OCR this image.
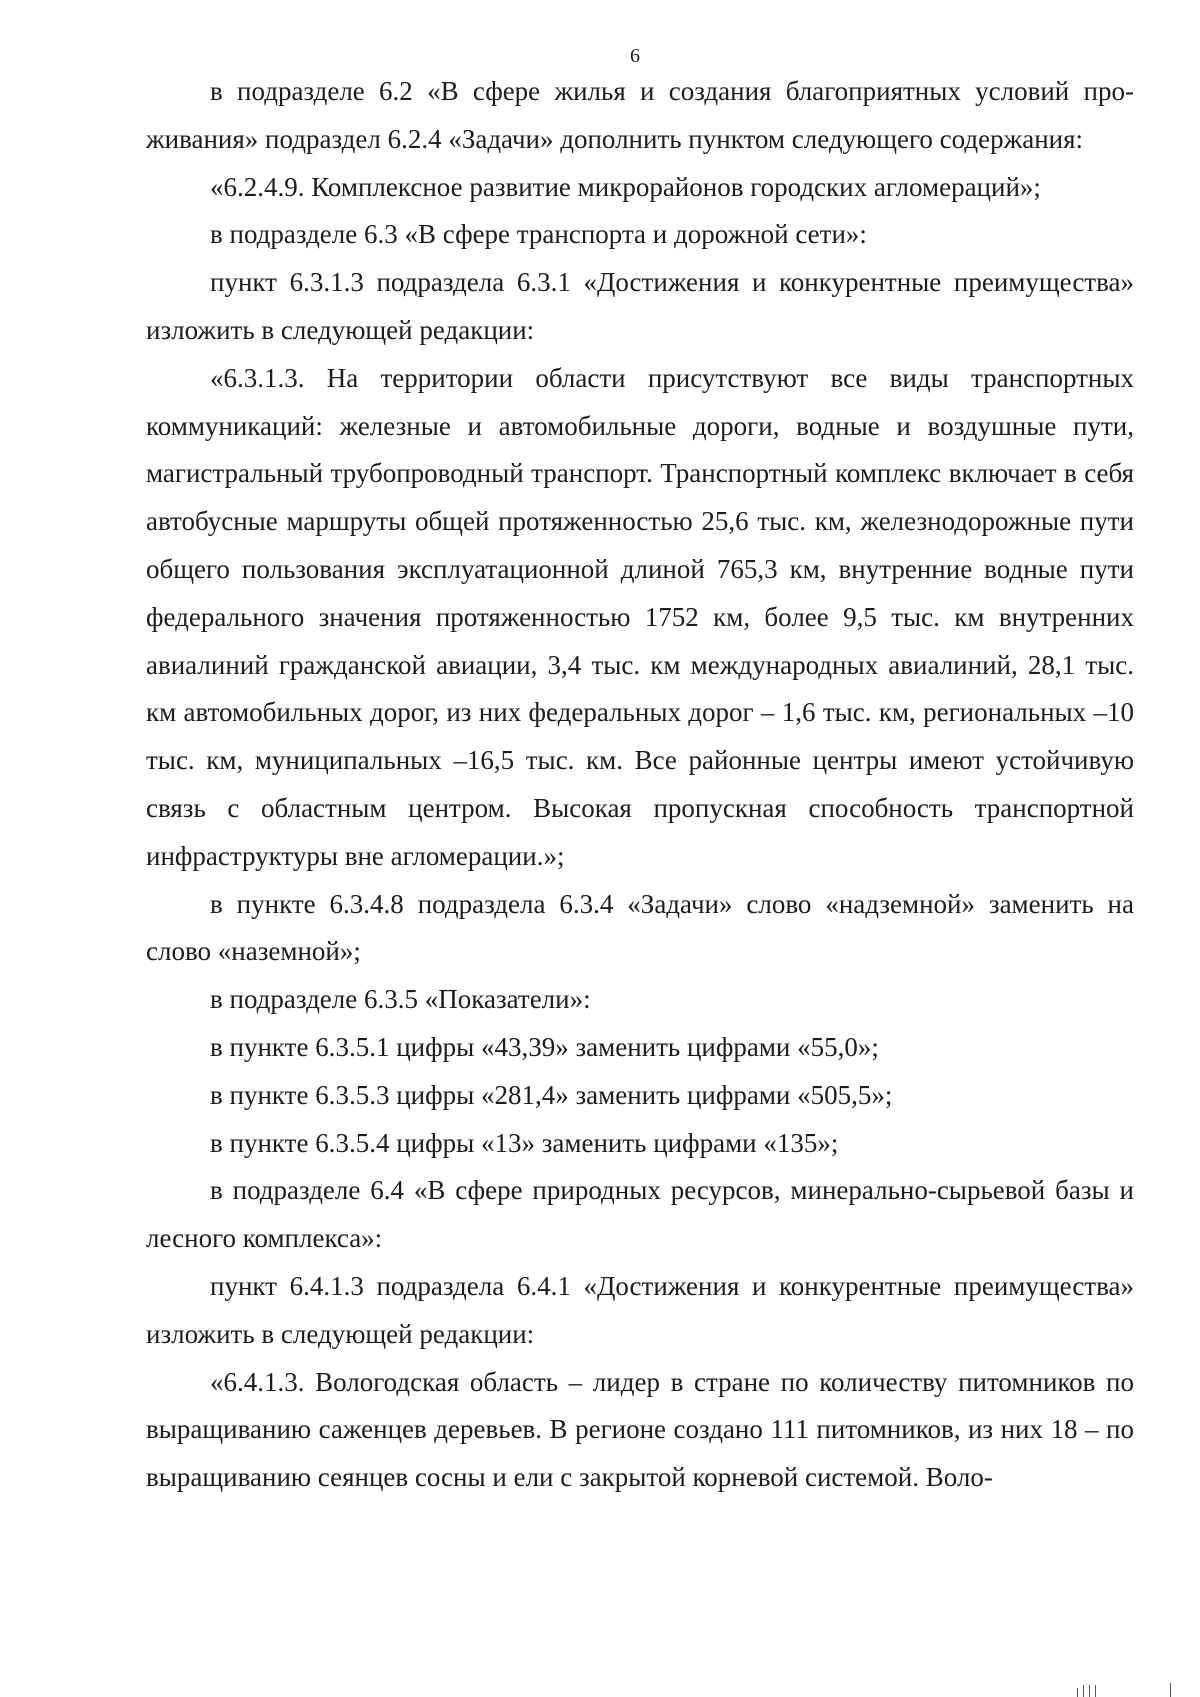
6

в подразделе 6.2 «В сфере жилья и создания благоприятных условий проживания» подраздел 6.2.4 «Задачи» дополнить пунктом следующего содержания:

«6.2.4.9. Комплексное развитие микрорайонов городских агломераций»;

в подразделе 6.3 «В сфере транспорта и дорожной сети»:

пункт 6.3.1.3 подраздела 6.3.1 «Достижения и конкурентные преимущества» изложить в следующей редакции:

«6.3.1.3. На территории области присутствуют все виды транспортных коммуникаций: железные и автомобильные дороги, водные и воздушные пути, магистральный трубопроводный транспорт. Транспортный комплекс включает в себя автобусные маршруты общей протяженностью 25,6 тыс. км, железнодорожные пути общего пользования эксплуатационной длиной 765,3 км, внутренние водные пути федерального значения протяженностью 1752 км, более 9,5 тыс. км внутренних авиалиний гражданской авиации, 3,4 тыс. км международных авиалиний, 28,1 тыс. км автомобильных дорог, из них федеральных дорог – 1,6 тыс. км, региональных –10 тыс. км, муниципальных –16,5 тыс. км. Все районные центры имеют устойчивую связь с областным центром. Высокая пропускная способность транспортной инфраструктуры вне агломерации.»;

в пункте 6.3.4.8 подраздела 6.3.4 «Задачи» слово «надземной» заменить на слово «наземной»;

в подразделе 6.3.5 «Показатели»:

в пункте 6.3.5.1 цифры «43,39» заменить цифрами «55,0»;

в пункте 6.3.5.3 цифры «281,4» заменить цифрами «505,5»;

в пункте 6.3.5.4 цифры «13» заменить цифрами «135»;

в подразделе 6.4 «В сфере природных ресурсов, минерально-сырьевой базы и лесного комплекса»:

пункт 6.4.1.3 подраздела 6.4.1 «Достижения и конкурентные преимущества» изложить в следующей редакции:

«6.4.1.3. Вологодская область – лидер в стране по количеству питомников по выращиванию саженцев деревьев. В регионе создано 111 питомников, из них 18 – по выращиванию сеянцев сосны и ели с закрытой корневой системой. Воло-
